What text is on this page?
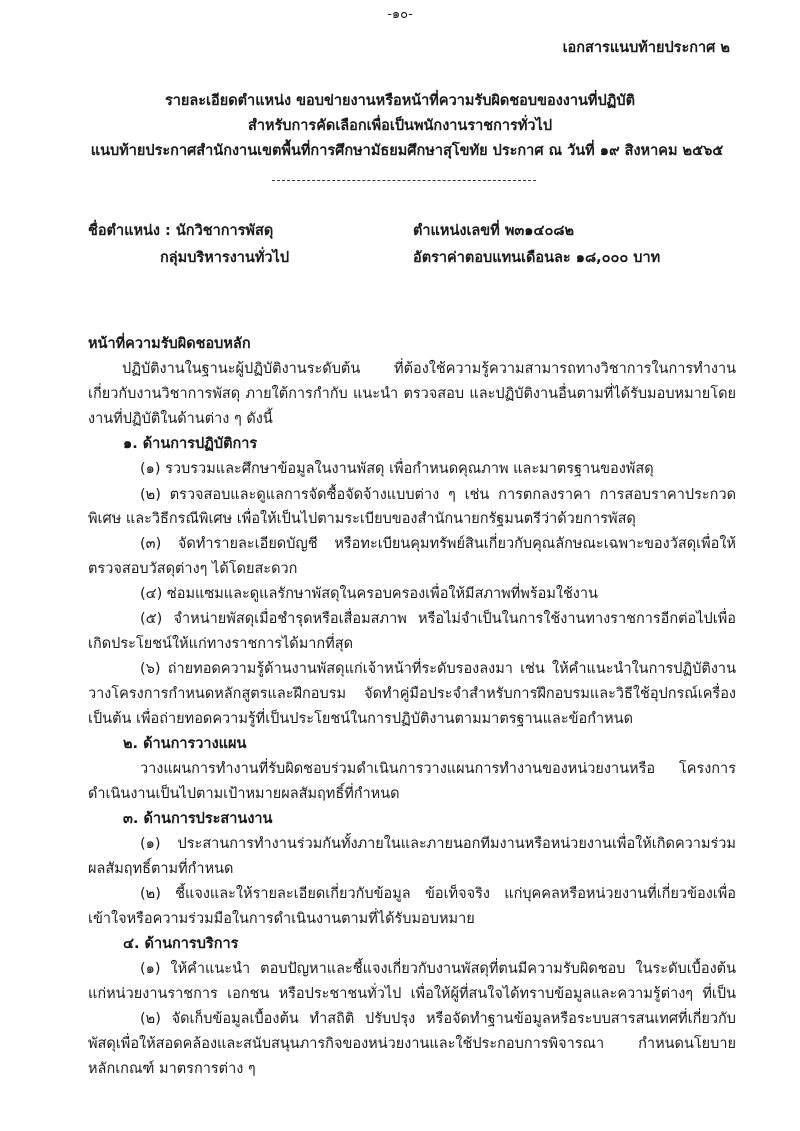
-๑๐-
เอกสารแนบท้ายประกาศ ๒
รายละเอียดตำแหน่ง ขอบข่ายงานหรือหน้าที่ความรับผิดชอบของงานที่ปฏิบัติ
สำหรับการคัดเลือกเพื่อเป็นพนักงานราชการทั่วไป
แนบท้ายประกาศสำนักงานเขตพื้นที่การศึกษามัธยมศึกษาสุโขทัย ประกาศ ณ วันที่ ๑๙ สิงหาคม ๒๕๖๕
ชื่อตำแหน่ง : นักวิชาการพัสดุ
กลุ่มบริหารงานทั่วไป
ตำแหน่งเลขที่ พ๓๑๔๐๘๒
อัตราค่าตอบแทนเดือนละ ๑๘,๐๐๐ บาท
หน้าที่ความรับผิดชอบหลัก
ปฏิบัติงานในฐานะผู้ปฏิบัติงานระดับต้น ที่ต้องใช้ความรู้ความสามารถทางวิชาการในการทำงาน
เกี่ยวกับงานวิชาการพัสดุ ภายใต้การกำกับ แนะนำ ตรวจสอบ และปฏิบัติงานอื่นตามที่ได้รับมอบหมายโดย
งานที่ปฏิบัติในด้านต่าง ๆ ดังนี้
๑. ด้านการปฏิบัติการ
(๑) รวบรวมและศึกษาข้อมูลในงานพัสดุ เพื่อกำหนดคุณภาพ และมาตรฐานของพัสดุ
(๒) ตรวจสอบและดูแลการจัดซื้อจัดจ้างแบบต่าง ๆ เช่น การตกลงราคา การสอบราคาประกวด
พิเศษ และวิธีกรณีพิเศษ เพื่อให้เป็นไปตามระเบียบของสำนักนายกรัฐมนตรีว่าด้วยการพัสดุ
(๓) จัดทำรายละเอียดบัญชี หรือทะเบียนคุมทรัพย์สินเกี่ยวกับคุณลักษณะเฉพาะของวัสดุเพื่อให้
ตรวจสอบวัสดุต่างๆ ได้โดยสะดวก
(๔) ซ่อมแซมและดูแลรักษาพัสดุในครอบครองเพื่อให้มีสภาพที่พร้อมใช้งาน
(๕) จำหน่ายพัสดุเมื่อชำรุดหรือเสื่อมสภาพ หรือไม่จำเป็นในการใช้งานทางราชการอีกต่อไปเพื่อ
เกิดประโยชน์ให้แก่ทางราชการได้มากที่สุด
(๖) ถ่ายทอดความรู้ด้านงานพัสดุแก่เจ้าหน้าที่ระดับรองลงมา เช่น ให้คำแนะนำในการปฏิบัติงาน
วางโครงการกำหนดหลักสูตรและฝึกอบรม จัดทำคู่มือประจำสำหรับการฝึกอบรมและวิธีใช้อุปกรณ์เครื่อง
เป็นต้น เพื่อถ่ายทอดความรู้ที่เป็นประโยชน์ในการปฏิบัติงานตามมาตรฐานและข้อกำหนด
๒. ด้านการวางแผน
วางแผนการทำงานที่รับผิดชอบร่วมดำเนินการวางแผนการทำงานของหน่วยงานหรือ โครงการ
ดำเนินงานเป็นไปตามเป้าหมายผลสัมฤทธิ์ที่กำหนด
๓. ด้านการประสานงาน
(๑) ประสานการทำงานร่วมกันทั้งภายในและภายนอกทีมงานหรือหน่วยงานเพื่อให้เกิดความร่วม
ผลสัมฤทธิ์ตามที่กำหนด
(๒) ชี้แจงและให้รายละเอียดเกี่ยวกับข้อมูล ข้อเท็จจริง แก่บุคคลหรือหน่วยงานที่เกี่ยวข้องเพื่อ
เข้าใจหรือความร่วมมือในการดำเนินงานตามที่ได้รับมอบหมาย
๔. ด้านการบริการ
(๑) ให้คำแนะนำ ตอบปัญหาและชี้แจงเกี่ยวกับงานพัสดุที่ตนมีความรับผิดชอบ ในระดับเบื้องต้น
แก่หน่วยงานราชการ เอกชน หรือประชาชนทั่วไป เพื่อให้ผู้ที่สนใจได้ทราบข้อมูลและความรู้ต่างๆ ที่เป็น
(๒) จัดเก็บข้อมูลเบื้องต้น ทำสถิติ ปรับปรุง หรือจัดทำฐานข้อมูลหรือระบบสารสนเทศที่เกี่ยวกับ
พัสดุเพื่อให้สอดคล้องและสนับสนุนภารกิจของหน่วยงานและใช้ประกอบการพิจารณา กำหนดนโยบาย
หลักเกณฑ์ มาตรการต่าง ๆ
